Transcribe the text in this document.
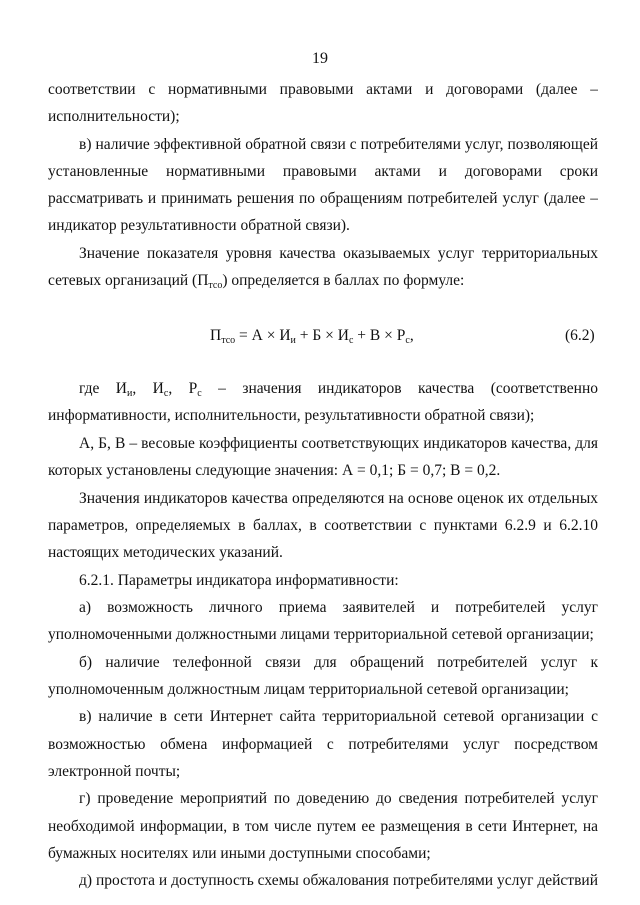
19
соответствии с нормативными правовыми актами и договорами (далее –
исполнительности);
в) наличие эффективной обратной связи с потребителями услуг, позволяющей
установленные нормативными правовыми актами и договорами сроки
рассматривать и принимать решения по обращениям потребителей услуг (далее –
индикатор результативности обратной связи).
Значение показателя уровня качества оказываемых услуг территориальных
сетевых организаций $(П_{тсо})$ определяется в баллах по формуле:
$П_{тсо} = А \times И_и + Б \times И_с + В \times Р_с$,	(6.2)
где $И_и$, $И_с$, $Р_с$ – значения индикаторов качества (соответственно
информативности, исполнительности, результативности обратной связи);
А, Б, В – весовые коэффициенты соответствующих индикаторов качества, для
которых установлены следующие значения: А = 0,1; Б = 0,7; В = 0,2.
Значения индикаторов качества определяются на основе оценок их отдельных
параметров, определяемых в баллах, в соответствии с пунктами 6.2.9 и 6.2.10
настоящих методических указаний.
6.2.1. Параметры индикатора информативности:
а) возможность личного приема заявителей и потребителей услуг
уполномоченными должностными лицами территориальной сетевой организации;
б) наличие телефонной связи для обращений потребителей услуг к
уполномоченным должностным лицам территориальной сетевой организации;
в) наличие в сети Интернет сайта территориальной сетевой организации с
возможностью обмена информацией с потребителями услуг посредством
электронной почты;
г) проведение мероприятий по доведению до сведения потребителей услуг
необходимой информации, в том числе путем ее размещения в сети Интернет, на
бумажных носителях или иными доступными способами;
д) простота и доступность схемы обжалования потребителями услуг действий
